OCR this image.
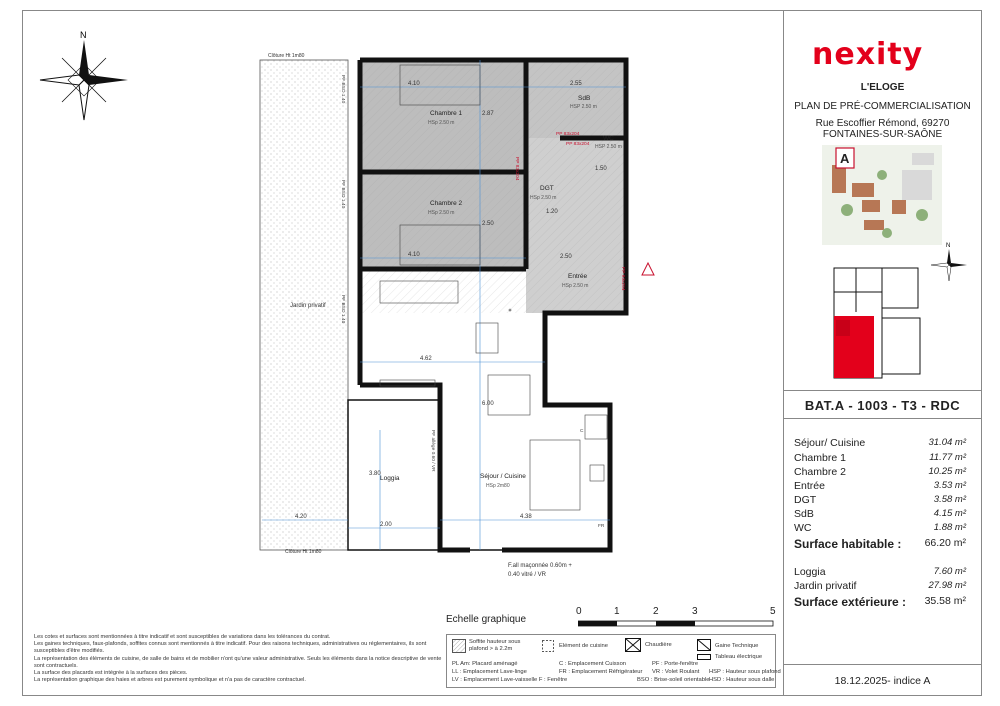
N
Clôture Ht 1m80
Clôture Ht 1m80
Jardin privatif
4.10
4.10
2.55
1.50
1.20
2.50
4.62
4.38
2.00
4.20
3.80
2.87
2.50
6.00
Chambre 1
Chambre 2
SdB
WC
DGT
Entrée
Loggia	Séjour / Cuisine
HSp 2.50 m
HSp 2.50 m
HSP 2.50 m
HSP 2.50 m
HSp 2.50 m
HSp 2.50 m
HSp 2m80
PP 83x204
PP 83x204
PP 83x204
PP 93x204
PF BSO 1.40
PF BSO 1.40
PF BSO 1.40
PF allège 0.60 / VR	C
FR
F.all maçonnée 0.60m +
0.40 vitré / VR
nexity
L'ELOGE
PLAN DE PRÉ-COMMERCIALISATION
Rue Escoffier Rémond, 69270
FONTAINES-SUR-SAÔNE
A
N
BAT.A - 1003 - T3 - RDC
Séjour/ Cuisine	31.04 m²
Chambre 1	11.77 m²
Chambre 2	10.25 m²
Entrée	3.53 m²
DGT	3.58 m²
SdB	4.15 m²
WC	1.88 m²
Surface habitable : 66.20 m²
Loggia	7.60 m²
Jardin privatif	27.98 m²
Surface extérieure : 35.58 m²
18.12.2025- indice A
Echelle graphique
0	1	2	3	5
Soffite hauteur sous plafond > à 2.2m	Elément de cuisine	Chaudière	Gaine Technique
Tableau électrique
PL Am: Placard aménagé
LL : Emplacement Lave-linge
LV : Emplacement Lave-vaisselle F : Fenêtre
C : Emplacement Cuisson
FR : Emplacement Réfrigérateur
PF : Porte-fenêtre
VR : Volet Roulant
BSO : Brise-soleil orientable
HSP : Hauteur sous plafond
HSD : Hauteur sous dalle
Les cotes et surfaces sont mentionnées à titre indicatif et sont susceptibles de variations dans les tolérances du contrat.
Les gaines techniques, faux-plafonds, soffites connus sont mentionnés à titre indicatif. Pour des raisons techniques, administratives ou réglementaires, ils sont susceptibles d'être modifiés.
La représentation des éléments de cuisine, de salle de bains et de mobilier n'ont qu'une valeur administrative. Seuls les éléments dans la notice descriptive de vente sont contractuels.
La surface des placards est intégrée à la surfaces des pièces.
La représentation graphique des haies et arbres est purement symbolique et n'a pas de caractère contractuel.
